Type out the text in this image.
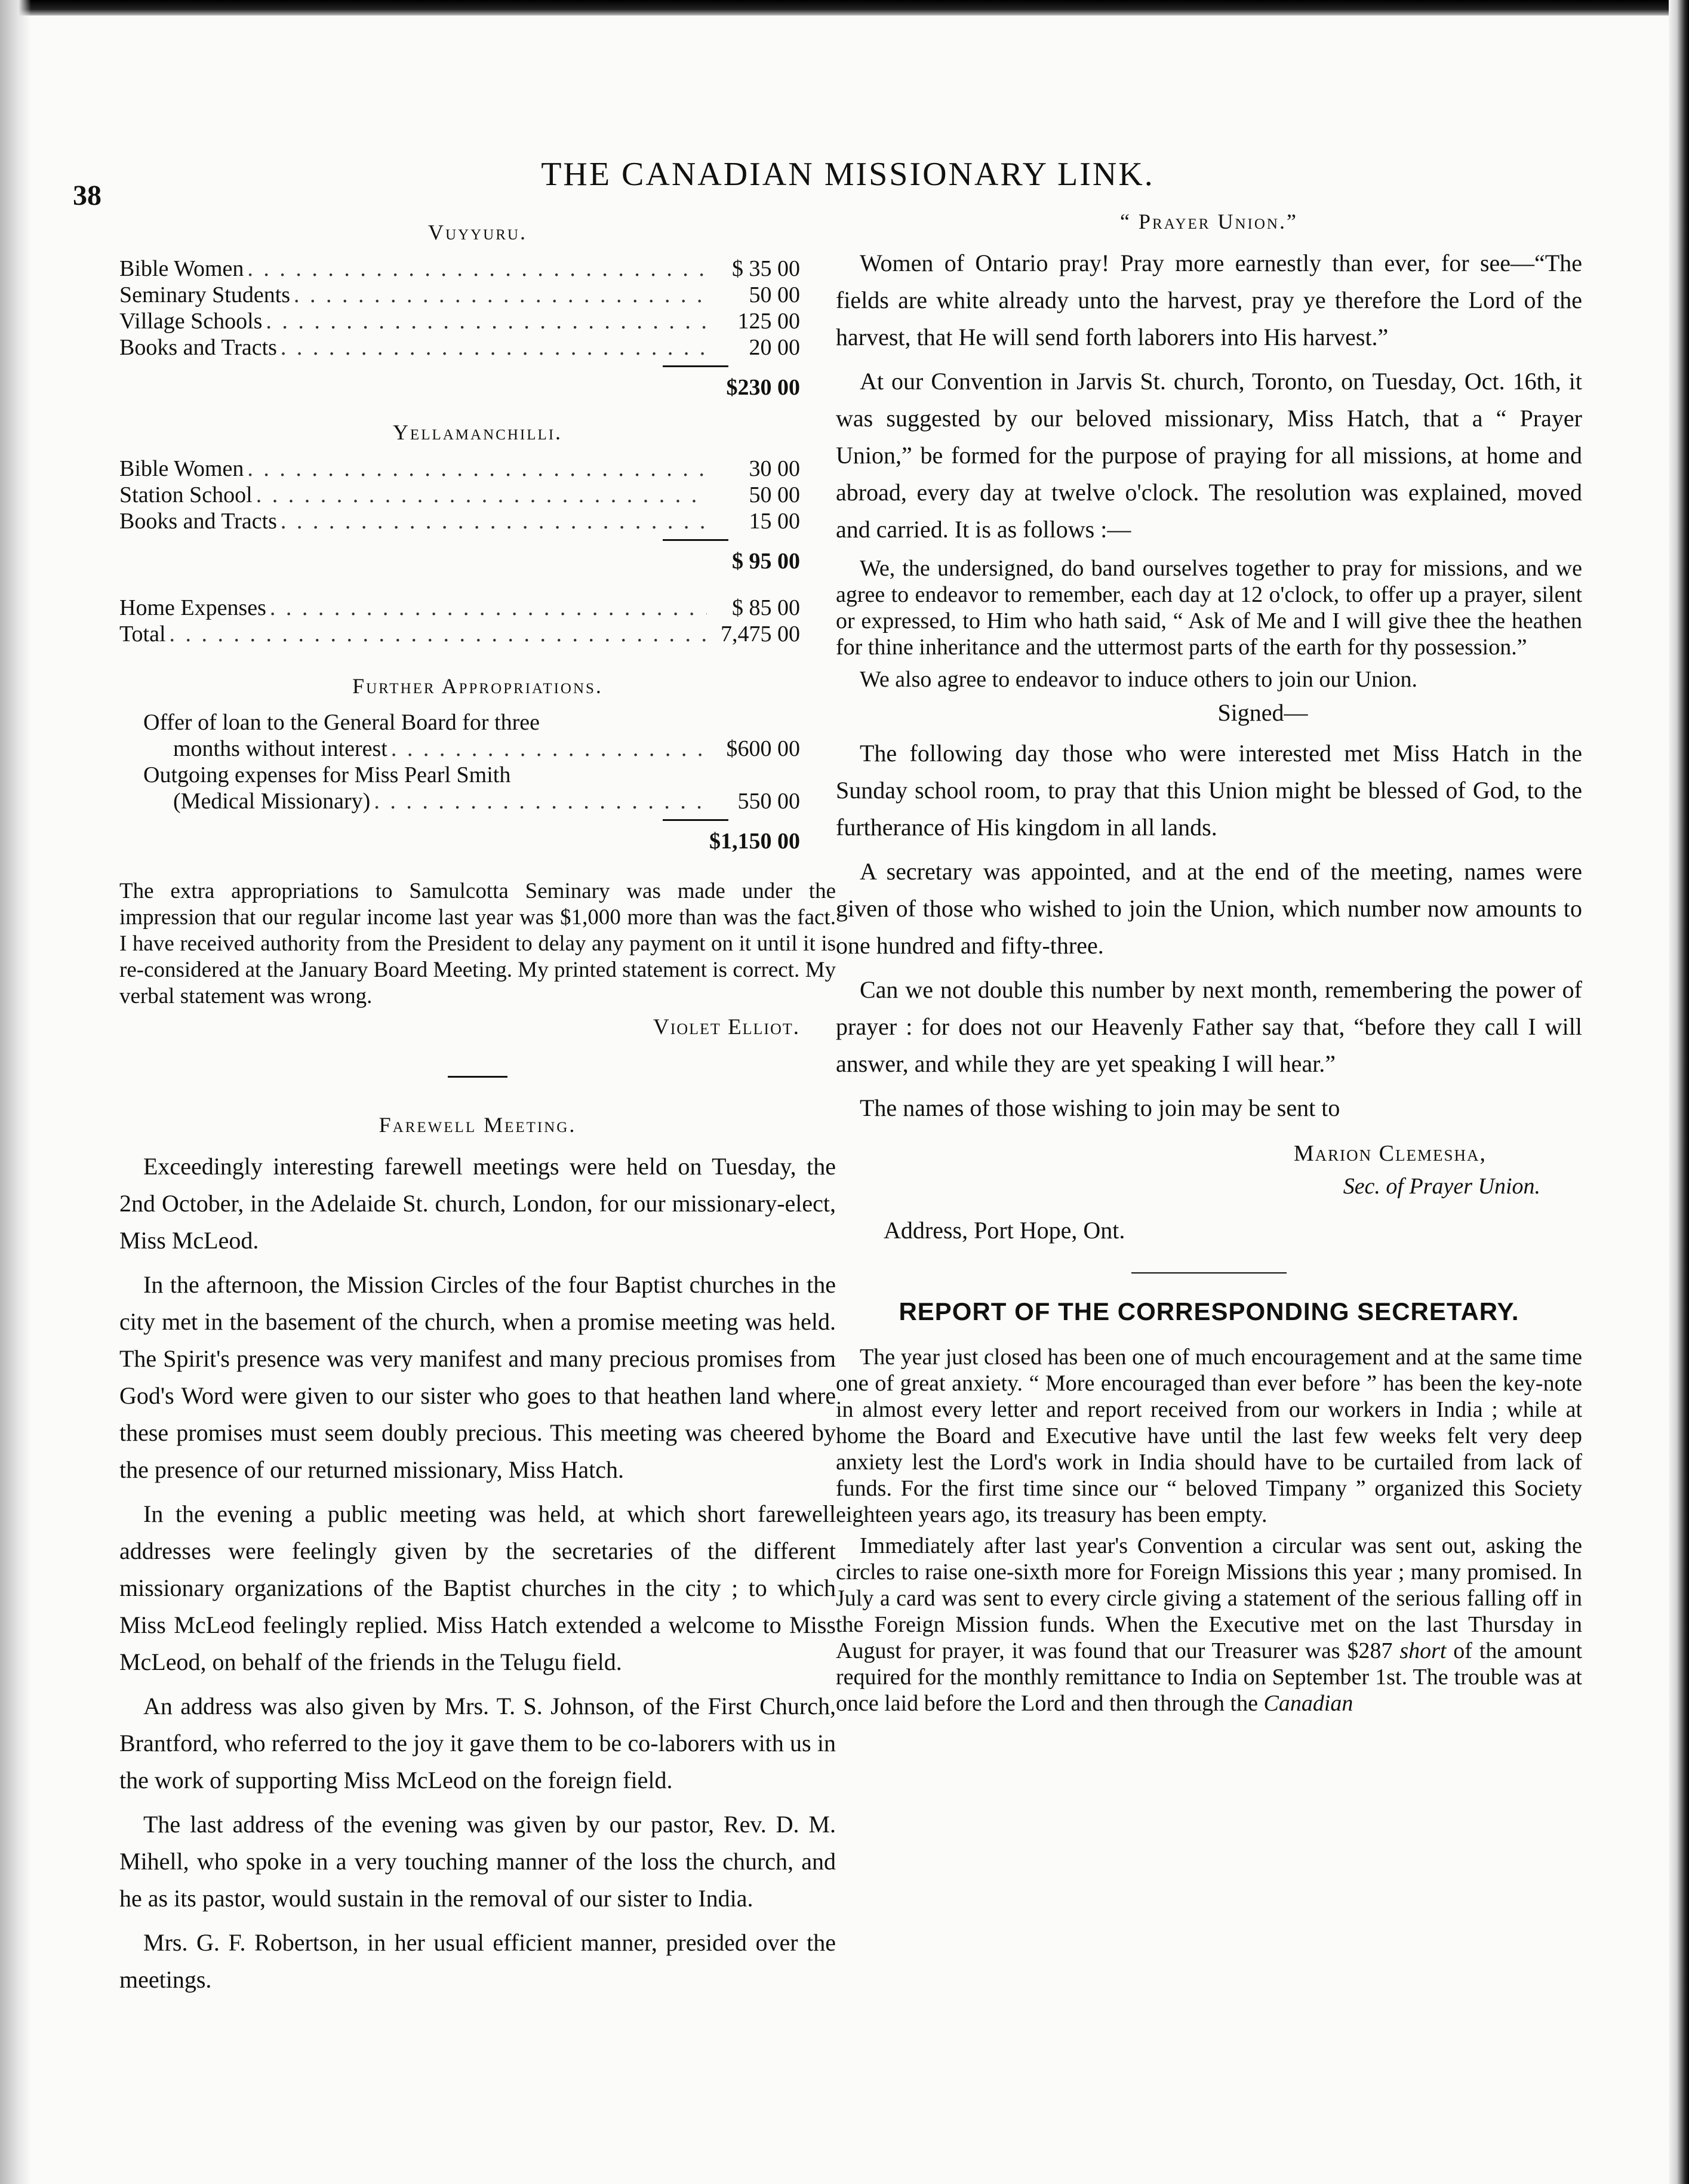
38
THE CANADIAN MISSIONARY LINK.
Vuyyuru.
Bible Women . . .	$ 35 00
Seminary Students . . .	50 00
Village Schools . . .	125 00
Books and Tracts . . .	20 00
$230 00
Yellamanchilli.
Bible Women . . .	30 00
Station School . . .	50 00
Books and Tracts . . .	15 00
$ 95 00
Home Expenses . . .	$ 85 00
Total . . .	7,475 00
Further Appropriations.
Offer of loan to the General Board for three
months without interest . . .	$600 00
Outgoing expenses for Miss Pearl Smith
(Medical Missionary) . . .	550 00
$1,150 00
The extra appropriations to Samulcotta Seminary was made under the impression that our regular income last year was $1,000 more than was the fact. I have received authority from the President to delay any payment on it until it is re-considered at the January Board Meeting. My printed statement is correct. My verbal statement was wrong.
Violet Elliot.
Farewell Meeting.

Exceedingly interesting farewell meetings were held on Tuesday, the 2nd October, in the Adelaide St. church, London, for our missionary-elect, Miss McLeod.

In the afternoon, the Mission Circles of the four Baptist churches in the city met in the basement of the church, when a promise meeting was held. The Spirit's presence was very manifest and many precious promises from God's Word were given to our sister who goes to that heathen land where these promises must seem doubly precious. This meeting was cheered by the presence of our returned missionary, Miss Hatch.

In the evening a public meeting was held, at which short farewell addresses were feelingly given by the secretaries of the different missionary organizations of the Baptist churches in the city ; to which Miss McLeod feelingly replied. Miss Hatch extended a welcome to Miss McLeod, on behalf of the friends in the Telugu field.

An address was also given by Mrs. T. S. Johnson, of the First Church, Brantford, who referred to the joy it gave them to be co-laborers with us in the work of supporting Miss McLeod on the foreign field.

The last address of the evening was given by our pastor, Rev. D. M. Mihell, who spoke in a very touching manner of the loss the church, and he as its pastor, would sustain in the removal of our sister to India.

Mrs. G. F. Robertson, in her usual efficient manner, presided over the meetings.

“ Prayer Union.”

Women of Ontario pray! Pray more earnestly than ever, for see—“The fields are white already unto the harvest, pray ye therefore the Lord of the harvest, that He will send forth laborers into His harvest.”

At our Convention in Jarvis St. church, Toronto, on Tuesday, Oct. 16th, it was suggested by our beloved missionary, Miss Hatch, that a “ Prayer Union,” be formed for the purpose of praying for all missions, at home and abroad, every day at twelve o'clock. The resolution was explained, moved and carried. It is as follows :—

We, the undersigned, do band ourselves together to pray for missions, and we agree to endeavor to remember, each day at 12 o'clock, to offer up a prayer, silent or expressed, to Him who hath said, “ Ask of Me and I will give thee the heathen for thine inheritance and the uttermost parts of the earth for thy possession.”

We also agree to endeavor to induce others to join our Union.

Signed—

The following day those who were interested met Miss Hatch in the Sunday school room, to pray that this Union might be blessed of God, to the furtherance of His kingdom in all lands.

A secretary was appointed, and at the end of the meeting, names were given of those who wished to join the Union, which number now amounts to one hundred and fifty-three.

Can we not double this number by next month, remembering the power of prayer : for does not our Heavenly Father say that, “before they call I will answer, and while they are yet speaking I will hear.”

The names of those wishing to join may be sent to

Marion Clemesha,
Sec. of Prayer Union.
Address, Port Hope, Ont.
REPORT OF THE CORRESPONDING SECRETARY.

The year just closed has been one of much encouragement and at the same time one of great anxiety. “ More encouraged than ever before ” has been the key-note in almost every letter and report received from our workers in India ; while at home the Board and Executive have until the last few weeks felt very deep anxiety lest the Lord's work in India should have to be curtailed from lack of funds. For the first time since our “ beloved Timpany ” organized this Society eighteen years ago, its treasury has been empty.

Immediately after last year's Convention a circular was sent out, asking the circles to raise one-sixth more for Foreign Missions this year ; many promised. In July a card was sent to every circle giving a statement of the serious falling off in the Foreign Mission funds. When the Executive met on the last Thursday in August for prayer, it was found that our Treasurer was $287 short of the amount required for the monthly remittance to India on September 1st. The trouble was at once laid before the Lord and then through the Canadian
